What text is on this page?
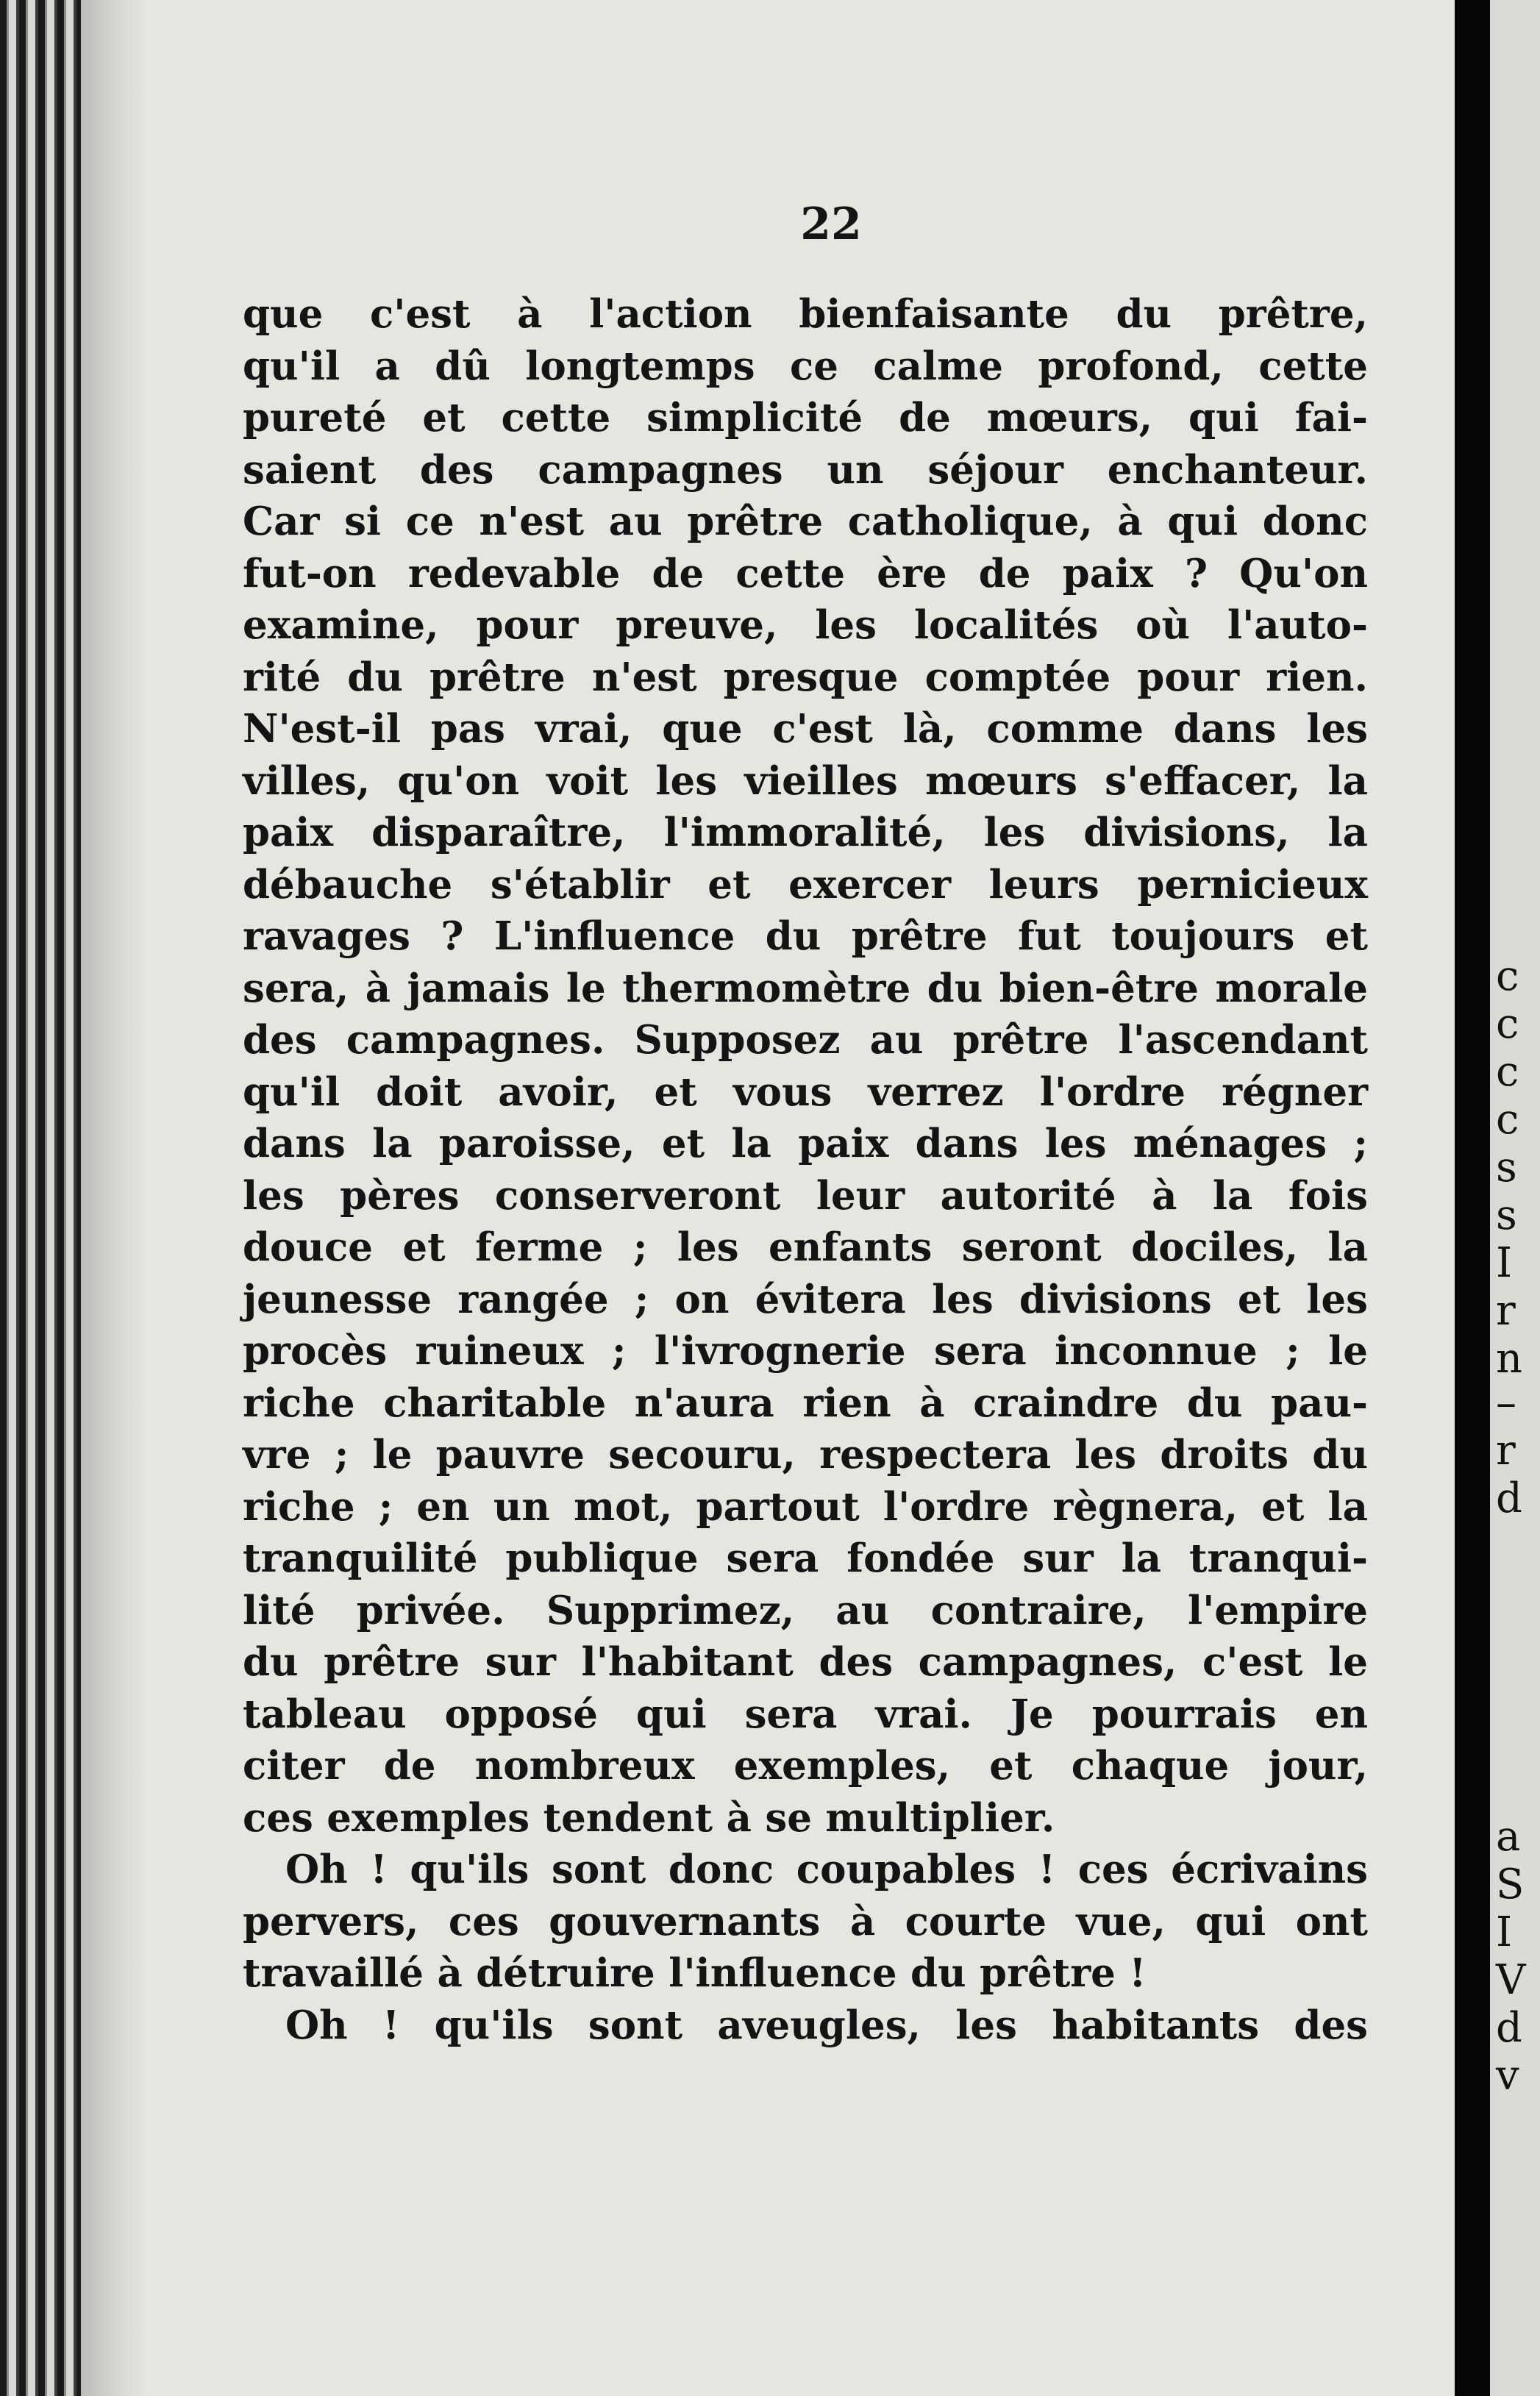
22
que c'est à l'action bienfaisante du prêtre,
qu'il a dû longtemps ce calme profond, cette
pureté et cette simplicité de mœurs, qui fai-
saient des campagnes un séjour enchanteur.
Car si ce n'est au prêtre catholique, à qui donc
fut-on redevable de cette ère de paix ? Qu'on
examine, pour preuve, les localités où l'auto-
rité du prêtre n'est presque comptée pour rien.
N'est-il pas vrai, que c'est là, comme dans les
villes, qu'on voit les vieilles mœurs s'effacer, la
paix disparaître, l'immoralité, les divisions, la
débauche s'établir et exercer leurs pernicieux
ravages ? L'influence du prêtre fut toujours et
sera, à jamais le thermomètre du bien-être morale
des campagnes. Supposez au prêtre l'ascendant
qu'il doit avoir, et vous verrez l'ordre régner
dans la paroisse, et la paix dans les ménages ;
les pères conserveront leur autorité à la fois
douce et ferme ; les enfants seront dociles, la
jeunesse rangée ; on évitera les divisions et les
procès ruineux ; l'ivrognerie sera inconnue ; le
riche charitable n'aura rien à craindre du pau-
vre ; le pauvre secouru, respectera les droits du
riche ; en un mot, partout l'ordre règnera, et la
tranquilité publique sera fondée sur la tranqui-
lité privée. Supprimez, au contraire, l'empire
du prêtre sur l'habitant des campagnes, c'est le
tableau opposé qui sera vrai. Je pourrais en
citer de nombreux exemples, et chaque jour,
ces exemples tendent à se multiplier.
Oh ! qu'ils sont donc coupables ! ces écrivains
pervers, ces gouvernants à courte vue, qui ont
travaillé à détruire l'influence du prêtre !
Oh ! qu'ils sont aveugles, les habitants des
c
c
c
c
s
s
I
r
n
–
r
d
a
S
I
V
d
v
